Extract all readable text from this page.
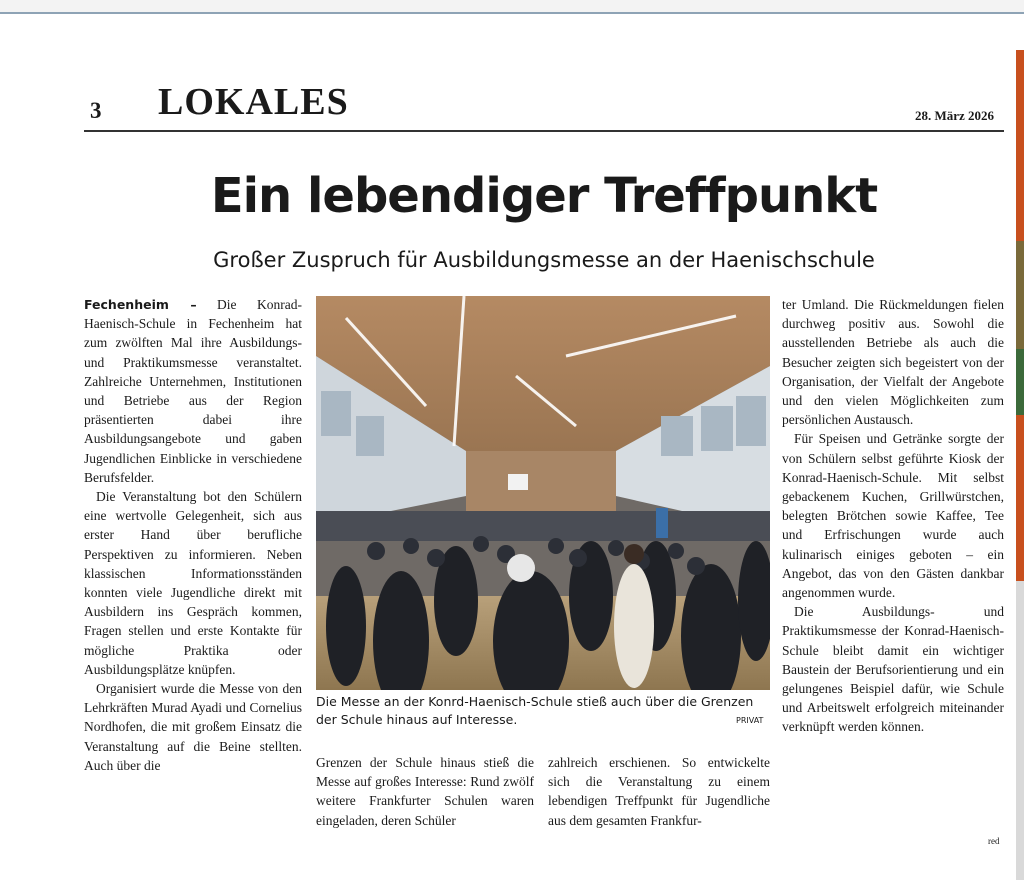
3 LOKALES	28. März 2026
Ein lebendiger Treffpunkt
Großer Zuspruch für Ausbildungsmesse an der Haenischschule

Fechenheim – Die Konrad-Haenisch-Schule in Fechenheim hat zum zwölften Mal ihre Ausbildungs- und Praktikumsmesse veranstaltet. Zahlreiche Unternehmen, Institutionen und Betriebe aus der Region präsentierten dabei ihre Ausbildungsangebote und gaben Jugendlichen Einblicke in verschiedene Berufsfelder.

Die Veranstaltung bot den Schülern eine wertvolle Gelegenheit, sich aus erster Hand über berufliche Perspektiven zu informieren. Neben klassischen Informationsständen konnten viele Jugendliche direkt mit Ausbildern ins Gespräch kommen, Fragen stellen und erste Kontakte für mögliche Praktika oder Ausbildungsplätze knüpfen.

Organisiert wurde die Messe von den Lehrkräften Murad Ayadi und Cornelius Nordhofen, die mit großem Einsatz die Veranstaltung auf die Beine stellten. Auch über die

Die Messe an der Konrd-Haenisch-Schule stieß auch über die Grenzen der Schule hinaus auf Interesse.	PRIVAT

Grenzen der Schule hinaus stieß die Messe auf großes Interesse: Rund zwölf weitere Frankfurter Schulen waren eingeladen, deren Schüler

zahlreich erschienen. So entwickelte sich die Veranstaltung zu einem lebendigen Treffpunkt für Jugendliche aus dem gesamten Frankfur-

ter Umland. Die Rückmeldungen fielen durchweg positiv aus. Sowohl die ausstellenden Betriebe als auch die Besucher zeigten sich begeistert von der Organisation, der Vielfalt der Angebote und den vielen Möglichkeiten zum persönlichen Austausch.

Für Speisen und Getränke sorgte der von Schülern selbst geführte Kiosk der Konrad-Haenisch-Schule. Mit selbst gebackenem Kuchen, Grillwürstchen, belegten Brötchen sowie Kaffee, Tee und Erfrischungen wurde auch kulinarisch einiges geboten – ein Angebot, das von den Gästen dankbar angenommen wurde.

Die Ausbildungs- und Praktikumsmesse der Konrad-Haenisch-Schule bleibt damit ein wichtiger Baustein der Berufsorientierung und ein gelungenes Beispiel dafür, wie Schule und Arbeitswelt erfolgreich miteinander verknüpft werden können.

red
